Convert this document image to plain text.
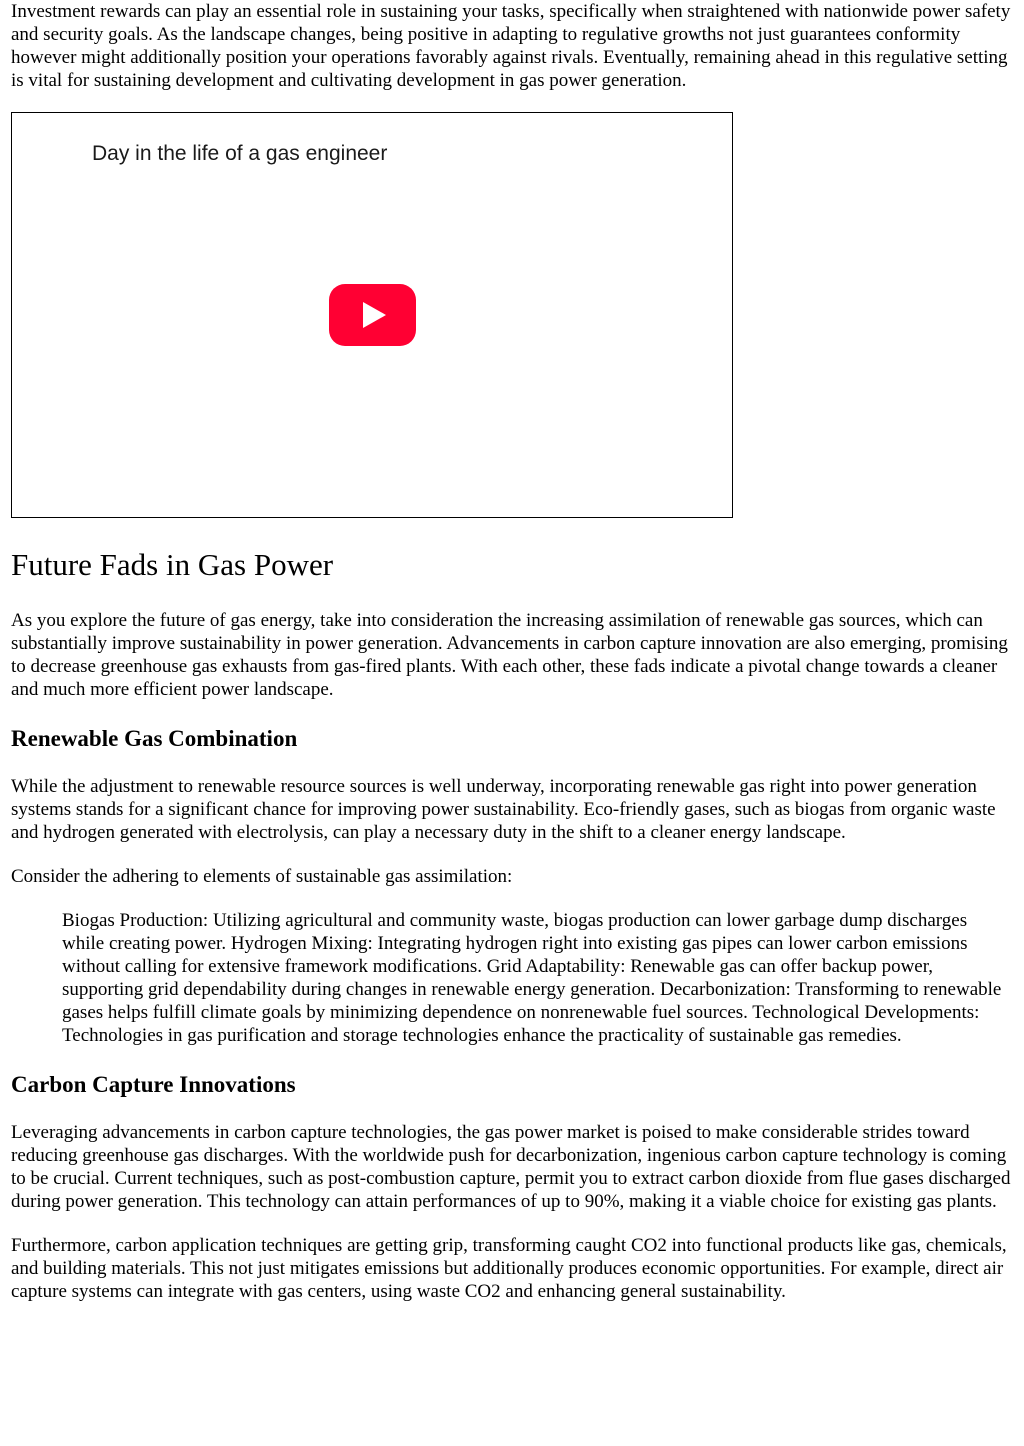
Investment rewards can play an essential role in sustaining your tasks, specifically when straightened with nationwide power safety and security goals. As the landscape changes, being positive in adapting to regulative growths not just guarantees conformity however might additionally position your operations favorably against rivals. Eventually, remaining ahead in this regulative setting is vital for sustaining development and cultivating development in gas power generation.

Day in the life of a gas engineer
Future Fads in Gas Power

As you explore the future of gas energy, take into consideration the increasing assimilation of renewable gas sources, which can substantially improve sustainability in power generation. Advancements in carbon capture innovation are also emerging, promising to decrease greenhouse gas exhausts from gas-fired plants. With each other, these fads indicate a pivotal change towards a cleaner and much more efficient power landscape.

Renewable Gas Combination

While the adjustment to renewable resource sources is well underway, incorporating renewable gas right into power generation systems stands for a significant chance for improving power sustainability. Eco-friendly gases, such as biogas from organic waste and hydrogen generated with electrolysis, can play a necessary duty in the shift to a cleaner energy landscape.

Consider the adhering to elements of sustainable gas assimilation:

Biogas Production: Utilizing agricultural and community waste, biogas production can lower garbage dump discharges while creating power. Hydrogen Mixing: Integrating hydrogen right into existing gas pipes can lower carbon emissions without calling for extensive framework modifications. Grid Adaptability: Renewable gas can offer backup power, supporting grid dependability during changes in renewable energy generation. Decarbonization: Transforming to renewable gases helps fulfill climate goals by minimizing dependence on nonrenewable fuel sources. Technological Developments: Technologies in gas purification and storage technologies enhance the practicality of sustainable gas remedies.
Carbon Capture Innovations

Leveraging advancements in carbon capture technologies, the gas power market is poised to make considerable strides toward reducing greenhouse gas discharges. With the worldwide push for decarbonization, ingenious carbon capture technology is coming to be crucial. Current techniques, such as post-combustion capture, permit you to extract carbon dioxide from flue gases discharged during power generation. This technology can attain performances of up to 90%, making it a viable choice for existing gas plants.

Furthermore, carbon application techniques are getting grip, transforming caught CO2 into functional products like gas, chemicals, and building materials. This not just mitigates emissions but additionally produces economic opportunities. For example, direct air capture systems can integrate with gas centers, using waste CO2 and enhancing general sustainability.
